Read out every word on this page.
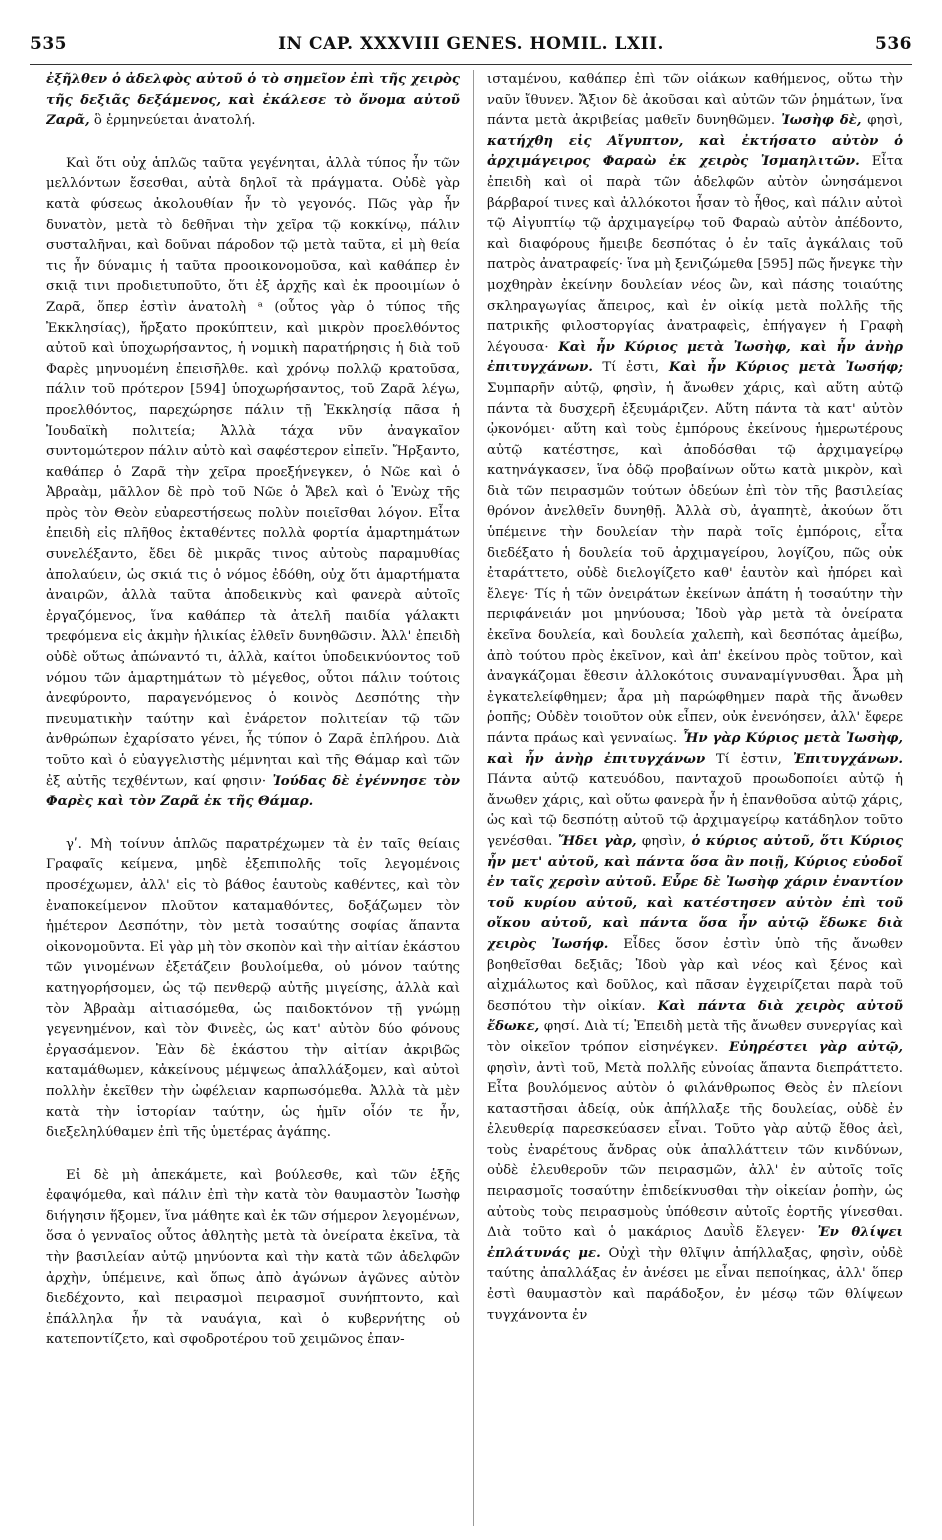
535	IN CAP. XXXVIII GENES. HOMIL. LXII.	536

ἐξῆλθεν ὁ ἀδελφὸς αὐτοῦ ὁ τὸ σημεῖον ἐπὶ τῆς χειρὸς τῆς δεξιᾶς δεξάμενος, καὶ ἐκάλεσε τὸ ὄνομα αὐτοῦ Ζαρᾶ, ὃ ἑρμηνεύεται ἀνατολή.

Καὶ ὅτι οὐχ ἁπλῶς ταῦτα γεγένηται, ἀλλὰ τύπος ἦν τῶν μελλόντων ἔσεσθαι, αὐτὰ δηλοῖ τὰ πράγματα. Οὐδὲ γὰρ κατὰ φύσεως ἀκολουθίαν ἦν τὸ γεγονός. Πῶς γὰρ ἦν δυνατὸν, μετὰ τὸ δεθῆναι τὴν χεῖρα τῷ κοκκίνῳ, πάλιν συσταλῆναι, καὶ δοῦναι πάροδον τῷ μετὰ ταῦτα, εἰ μὴ θεία τις ἦν δύναμις ἡ ταῦτα προοικονομοῦσα, καὶ καθάπερ ἐν σκιᾷ τινι προδιετυποῦτο, ὅτι ἐξ ἀρχῆς καὶ ἐκ προοιμίων ὁ Ζαρᾶ, ὅπερ ἐστὶν ἀνατολὴ ᵃ (οὗτος γὰρ ὁ τύπος τῆς Ἐκκλησίας), ἤρξατο προκύπτειν, καὶ μικρὸν προελθόντος αὐτοῦ καὶ ὑποχωρήσαντος, ἡ νομικὴ παρατήρησις ἡ διὰ τοῦ Φαρὲς μηνυομένη ἐπεισῆλθε. καὶ χρόνῳ πολλῷ κρατοῦσα, πάλιν τοῦ πρότερον [594] ὑποχωρήσαντος, τοῦ Ζαρᾶ λέγω, προελθόντος, παρεχώρησε πάλιν τῇ Ἐκκλησίᾳ πᾶσα ἡ Ἰουδαϊκὴ πολιτεία; Ἀλλὰ τάχα νῦν ἀναγκαῖον συντομώτερον πάλιν αὐτὸ καὶ σαφέστερον εἰπεῖν. Ἤρξαντο, καθάπερ ὁ Ζαρᾶ τὴν χεῖρα προεξήνεγκεν, ὁ Νῶε καὶ ὁ Ἀβραὰμ, μᾶλλον δὲ πρὸ τοῦ Νῶε ὁ Ἄβελ καὶ ὁ Ἐνὼχ τῆς πρὸς τὸν Θεὸν εὐαρεστήσεως πολὺν ποιεῖσθαι λόγον. Εἶτα ἐπειδὴ εἰς πλῆθος ἐκταθέντες πολλὰ φορτία ἁμαρτημάτων συνελέξαντο, ἔδει δὲ μικρᾶς τινος αὐτοὺς παραμυθίας ἀπολαύειν, ὡς σκιά τις ὁ νόμος ἐδόθη, οὐχ ὅτι ἁμαρτήματα ἀναιρῶν, ἀλλὰ ταῦτα ἀποδεικνὺς καὶ φανερὰ αὐτοῖς ἐργαζόμενος, ἵνα καθάπερ τὰ ἀτελῆ παιδία γάλακτι τρεφόμενα εἰς ἀκμὴν ἡλικίας ἐλθεῖν δυνηθῶσιν. Ἀλλ' ἐπειδὴ οὐδὲ οὕτως ἀπώναντό τι, ἀλλὰ, καίτοι ὑποδεικνύοντος τοῦ νόμου τῶν ἁμαρτημάτων τὸ μέγεθος, οὗτοι πάλιν τούτοις ἀνεφύροντο, παραγενόμενος ὁ κοινὸς Δεσπότης τὴν πνευματικὴν ταύτην καὶ ἐνάρετον πολιτείαν τῷ τῶν ἀνθρώπων ἐχαρίσατο γένει, ἧς τύπον ὁ Ζαρᾶ ἐπλήρου. Διὰ τοῦτο καὶ ὁ εὐαγγελιστὴς μέμνηται καὶ τῆς Θάμαρ καὶ τῶν ἐξ αὐτῆς τεχθέντων, καί φησιν· Ἰούδας δὲ ἐγέννησε τὸν Φαρὲς καὶ τὸν Ζαρᾶ ἐκ τῆς Θάμαρ.

γʹ. Μὴ τοίνυν ἁπλῶς παρατρέχωμεν τὰ ἐν ταῖς θείαις Γραφαῖς κείμενα, μηδὲ ἐξεπιπολῆς τοῖς λεγομένοις προσέχωμεν, ἀλλ' εἰς τὸ βάθος ἑαυτοὺς καθέντες, καὶ τὸν ἐναποκείμενον πλοῦτον καταμαθόντες, δοξάζωμεν τὸν ἡμέτερον Δεσπότην, τὸν μετὰ τοσαύτης σοφίας ἅπαντα οἰκονομοῦντα. Εἰ γὰρ μὴ τὸν σκοπὸν καὶ τὴν αἰτίαν ἑκάστου τῶν γινομένων ἐξετάζειν βουλοίμεθα, οὐ μόνον ταύτης κατηγορήσομεν, ὡς τῷ πενθερῷ αὐτῆς μιγείσης, ἀλλὰ καὶ τὸν Ἀβραὰμ αἰτιασόμεθα, ὡς παιδοκτόνον τῇ γνώμῃ γεγενημένον, καὶ τὸν Φινεὲς, ὡς κατ' αὐτὸν δύο φόνους ἐργασάμενον. Ἐὰν δὲ ἑκάστου τὴν αἰτίαν ἀκριβῶς καταμάθωμεν, κἀκείνους μέμψεως ἀπαλλάξομεν, καὶ αὐτοὶ πολλὴν ἐκεῖθεν τὴν ὠφέλειαν καρπωσόμεθα. Ἀλλὰ τὰ μὲν κατὰ τὴν ἱστορίαν ταύτην, ὡς ἡμῖν οἷόν τε ἦν, διεξεληλύθαμεν ἐπὶ τῆς ὑμετέρας ἀγάπης.

Εἰ δὲ μὴ ἀπεκάμετε, καὶ βούλεσθε, καὶ τῶν ἑξῆς ἐφαψόμεθα, καὶ πάλιν ἐπὶ τὴν κατὰ τὸν θαυμαστὸν Ἰωσὴφ διήγησιν ἥξομεν, ἵνα μάθητε καὶ ἐκ τῶν σήμερον λεγομένων, ὅσα ὁ γενναῖος οὗτος ἀθλητὴς μετὰ τὰ ὀνείρατα ἐκεῖνα, τὰ τὴν βασιλείαν αὐτῷ μηνύοντα καὶ τὴν κατὰ τῶν ἀδελφῶν ἀρχὴν, ὑπέμεινε, καὶ ὅπως ἀπὸ ἀγώνων ἀγῶνες αὐτὸν διεδέχοντο, καὶ πειρασμοὶ πειρασμοῖ συνήπτοντο, καὶ ἐπάλληλα ἦν τὰ ναυάγια, καὶ ὁ κυβερνήτης οὐ κατεποντίζετο, καὶ σφοδροτέρου τοῦ χειμῶνος ἐπαν-

ισταμένου, καθάπερ ἐπὶ τῶν οἰάκων καθήμενος, οὕτω τὴν ναῦν ἴθυνεν. Ἄξιον δὲ ἀκοῦσαι καὶ αὐτῶν τῶν ῥημάτων, ἵνα πάντα μετὰ ἀκριβείας μαθεῖν δυνηθῶμεν. Ἰωσὴφ δὲ, φησὶ, κατήχθη εἰς Αἴγυπτον, καὶ ἐκτήσατο αὐτὸν ὁ ἀρχιμάγειρος Φαραὼ ἐκ χειρὸς Ἰσμαηλιτῶν. Εἶτα ἐπειδὴ καὶ οἱ παρὰ τῶν ἀδελφῶν αὐτὸν ὠνησάμενοι βάρβαροί τινες καὶ ἀλλόκοτοι ἦσαν τὸ ἦθος, καὶ πάλιν αὐτοὶ τῷ Αἰγυπτίῳ τῷ ἀρχιμαγείρῳ τοῦ Φαραὼ αὐτὸν ἀπέδοντο, καὶ διαφόρους ἤμειβε δεσπότας ὁ ἐν ταῖς ἀγκάλαις τοῦ πατρὸς ἀνατραφείς· ἵνα μὴ ξενιζώμεθα [595] πῶς ἤνεγκε τὴν μοχθηρὰν ἐκείνην δουλείαν νέος ὢν, καὶ πάσης τοιαύτης σκληραγωγίας ἄπειρος, καὶ ἐν οἰκίᾳ μετὰ πολλῆς τῆς πατρικῆς φιλοστοργίας ἀνατραφεὶς, ἐπήγαγεν ἡ Γραφὴ λέγουσα· Καὶ ἦν Κύριος μετὰ Ἰωσὴφ, καὶ ἦν ἀνὴρ ἐπιτυγχάνων. Τί ἐστι, Καὶ ἦν Κύριος μετὰ Ἰωσήφ; Συμπαρῆν αὐτῷ, φησὶν, ἡ ἄνωθεν χάρις, καὶ αὕτη αὐτῷ πάντα τὰ δυσχερῆ ἐξευμάριζεν. Αὕτη πάντα τὰ κατ' αὐτὸν ᾠκονόμει· αὕτη καὶ τοὺς ἐμπόρους ἐκείνους ἡμερωτέρους αὐτῷ κατέστησε, καὶ ἀποδόσθαι τῷ ἀρχιμαγείρῳ κατηνάγκασεν, ἵνα ὁδῷ προβαίνων οὕτω κατὰ μικρὸν, καὶ διὰ τῶν πειρασμῶν τούτων ὁδεύων ἐπὶ τὸν τῆς βασιλείας θρόνον ἀνελθεῖν δυνηθῇ. Ἀλλὰ σὺ, ἀγαπητὲ, ἀκούων ὅτι ὑπέμεινε τὴν δουλείαν τὴν παρὰ τοῖς ἐμπόροις, εἶτα διεδέξατο ἡ δουλεία τοῦ ἀρχιμαγείρου, λογίζου, πῶς οὐκ ἐταράττετο, οὐδὲ διελογίζετο καθ' ἑαυτὸν καὶ ἠπόρει καὶ ἔλεγε· Τίς ἡ τῶν ὀνειράτων ἐκείνων ἀπάτη ἡ τοσαύτην τὴν περιφάνειάν μοι μηνύουσα; Ἰδοὺ γὰρ μετὰ τὰ ὀνείρατα ἐκεῖνα δουλεία, καὶ δουλεία χαλεπὴ, καὶ δεσπότας ἀμείβω, ἀπὸ τούτου πρὸς ἐκεῖνον, καὶ ἀπ' ἐκείνου πρὸς τοῦτον, καὶ ἀναγκάζομαι ἔθεσιν ἀλλοκότοις συναναμίγνυσθαι. Ἆρα μὴ ἐγκατελείφθημεν; ἆρα μὴ παρώφθημεν παρὰ τῆς ἄνωθεν ῥοπῆς; Οὐδὲν τοιοῦτον οὐκ εἶπεν, οὐκ ἐνενόησεν, ἀλλ' ἔφερε πάντα πράως καὶ γενναίως. Ἦν γὰρ Κύριος μετὰ Ἰωσὴφ, καὶ ἦν ἀνὴρ ἐπιτυγχάνων Τί ἐστιν, Ἐπιτυγχάνων. Πάντα αὐτῷ κατευόδου, πανταχοῦ προωδοποίει αὐτῷ ἡ ἄνωθεν χάρις, καὶ οὕτω φανερὰ ἦν ἡ ἐπανθοῦσα αὐτῷ χάρις, ὡς καὶ τῷ δεσπότῃ αὐτοῦ τῷ ἀρχιμαγείρῳ κατάδηλον τοῦτο γενέσθαι. Ἤδει γὰρ, φησὶν, ὁ κύριος αὐτοῦ, ὅτι Κύριος ἦν μετ' αὐτοῦ, καὶ πάντα ὅσα ἂν ποιῇ, Κύριος εὐοδοῖ ἐν ταῖς χερσὶν αὐτοῦ. Εὗρε δὲ Ἰωσὴφ χάριν ἐναντίον τοῦ κυρίου αὐτοῦ, καὶ κατέστησεν αὐτὸν ἐπὶ τοῦ οἴκου αὐτοῦ, καὶ πάντα ὅσα ἦν αὐτῷ ἔδωκε διὰ χειρὸς Ἰωσήφ. Εἶδες ὅσον ἐστὶν ὑπὸ τῆς ἄνωθεν βοηθεῖσθαι δεξιᾶς; Ἰδοὺ γὰρ καὶ νέος καὶ ξένος καὶ αἰχμάλωτος καὶ δοῦλος, καὶ πᾶσαν ἐγχειρίζεται παρὰ τοῦ δεσπότου τὴν οἰκίαν. Καὶ πάντα διὰ χειρὸς αὐτοῦ ἔδωκε, φησί. Διὰ τί; Ἐπειδὴ μετὰ τῆς ἄνωθεν συνεργίας καὶ τὸν οἰκεῖον τρόπον εἰσηνέγκεν. Εὐηρέστει γὰρ αὐτῷ, φησὶν, ἀντὶ τοῦ, Μετὰ πολλῆς εὐνοίας ἅπαντα διεπράττετο. Εἶτα βουλόμενος αὐτὸν ὁ φιλάνθρωπος Θεὸς ἐν πλείονι καταστῆσαι ἀδείᾳ, οὐκ ἀπήλλαξε τῆς δουλείας, οὐδὲ ἐν ἐλευθερίᾳ παρεσκεύασεν εἶναι. Τοῦτο γὰρ αὐτῷ ἔθος ἀεὶ, τοὺς ἐναρέτους ἄνδρας οὐκ ἀπαλλάττειν τῶν κινδύνων, οὐδὲ ἐλευθεροῦν τῶν πειρασμῶν, ἀλλ' ἐν αὐτοῖς τοῖς πειρασμοῖς τοσαύτην ἐπιδείκνυσθαι τὴν οἰκείαν ῥοπὴν, ὡς αὐτοὺς τοὺς πειρασμοὺς ὑπόθεσιν αὐτοῖς ἑορτῆς γίνεσθαι. Διὰ τοῦτο καὶ ὁ μακάριος Δαυῒδ ἔλεγεν· Ἐν θλίψει ἐπλάτυνάς με. Οὐχὶ τὴν θλῖψιν ἀπήλλαξας, φησὶν, οὐδὲ ταύτης ἀπαλλάξας ἐν ἀνέσει με εἶναι πεποίηκας, ἀλλ' ὅπερ ἐστὶ θαυμαστὸν καὶ παράδοξον, ἐν μέσῳ τῶν θλίψεων τυγχάνοντα ἐν
